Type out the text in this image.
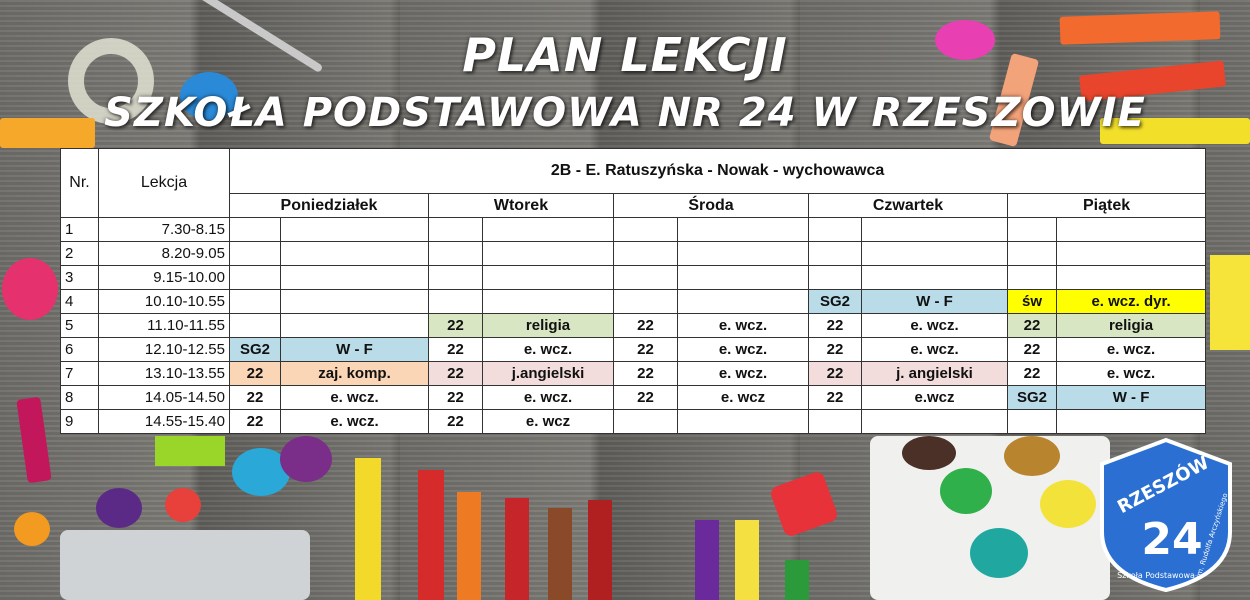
PLAN LEKCJI
SZKOŁA PODSTAWOWA NR 24 W RZESZOWIE
Nr.	Lekcja	2B - E. Ratuszyńska - Nowak - wychowawca									
		Poniedziałek		Wtorek		Środa		Czwartek		Piątek	
1	7.30-8.15										
2	8.20-9.05										
3	9.15-10.00										
4	10.10-10.55							SG2	W - F	św	e. wcz. dyr.
5	11.10-11.55			22	religia	22	e. wcz.	22	e. wcz.	22	religia
6	12.10-12.55	SG2	W - F	22	e. wcz.	22	e. wcz.	22	e. wcz.	22	e. wcz.
7	13.10-13.55	22	zaj. komp.	22	j.angielski	22	e. wcz.	22	j. angielski	22	e. wcz.
8	14.05-14.50	22	e. wcz.	22	e. wcz.	22	e. wcz	22	e.wcz	SG2	W - F
9	14.55-15.40	22	e. wcz.	22	e. wcz						
RZESZÓW
24
Szkoła Podstawowa im. Rudolfa Arczyńskiego
